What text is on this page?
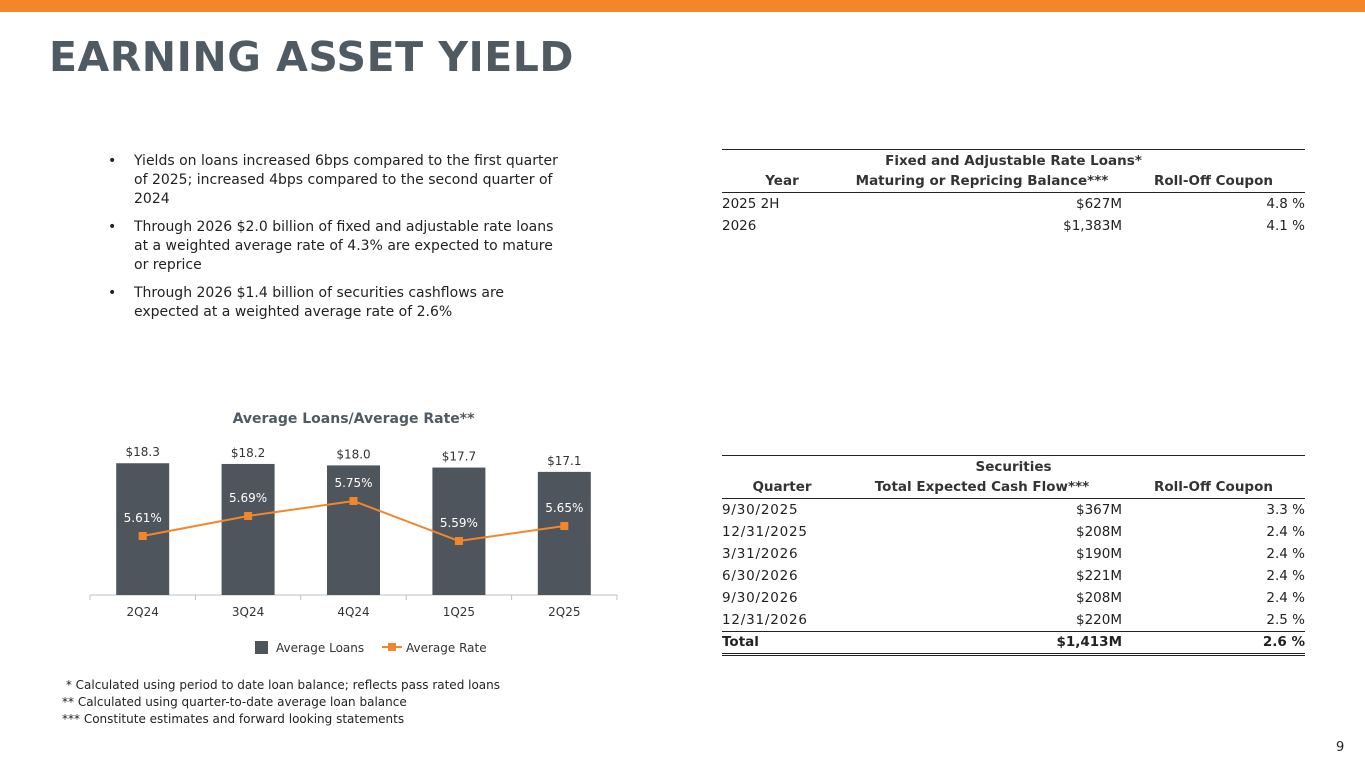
EARNING ASSET YIELD
• Yields on loans increased 6bps compared to the first quarter of 2025; increased 4bps compared to the second quarter of 2024
• Through 2026 $2.0 billion of fixed and adjustable rate loans at a weighted average rate of 4.3% are expected to mature or reprice
• Through 2026 $1.4 billion of securities cashflows are expected at a weighted average rate of 2.6%
Average Loans/Average Rate**
$18.3
2Q24
$18.2
3Q24
$18.0
4Q24
$17.7
1Q25
$17.1
2Q25
5.61%
5.69%
5.75%
5.59%
5.65%
Average Loans	Average Rate
Fixed and Adjustable Rate Loans*
Year	Maturing or Repricing Balance***	Roll-Off Coupon
2025 2H	$627M	4.8 %
2026	$1,383M	4.1 %
Securities
Quarter	Total Expected Cash Flow***	Roll-Off Coupon
9/30/2025	$367M	3.3 %
12/31/2025	$208M	2.4 %
3/31/2026	$190M	2.4 %
6/30/2026	$221M	2.4 %
9/30/2026	$208M	2.4 %
12/31/2026	$220M	2.5 %
Total	$1,413M	2.6 %
* Calculated using period to date loan balance; reflects pass rated loans
** Calculated using quarter-to-date average loan balance
*** Constitute estimates and forward looking statements
9
